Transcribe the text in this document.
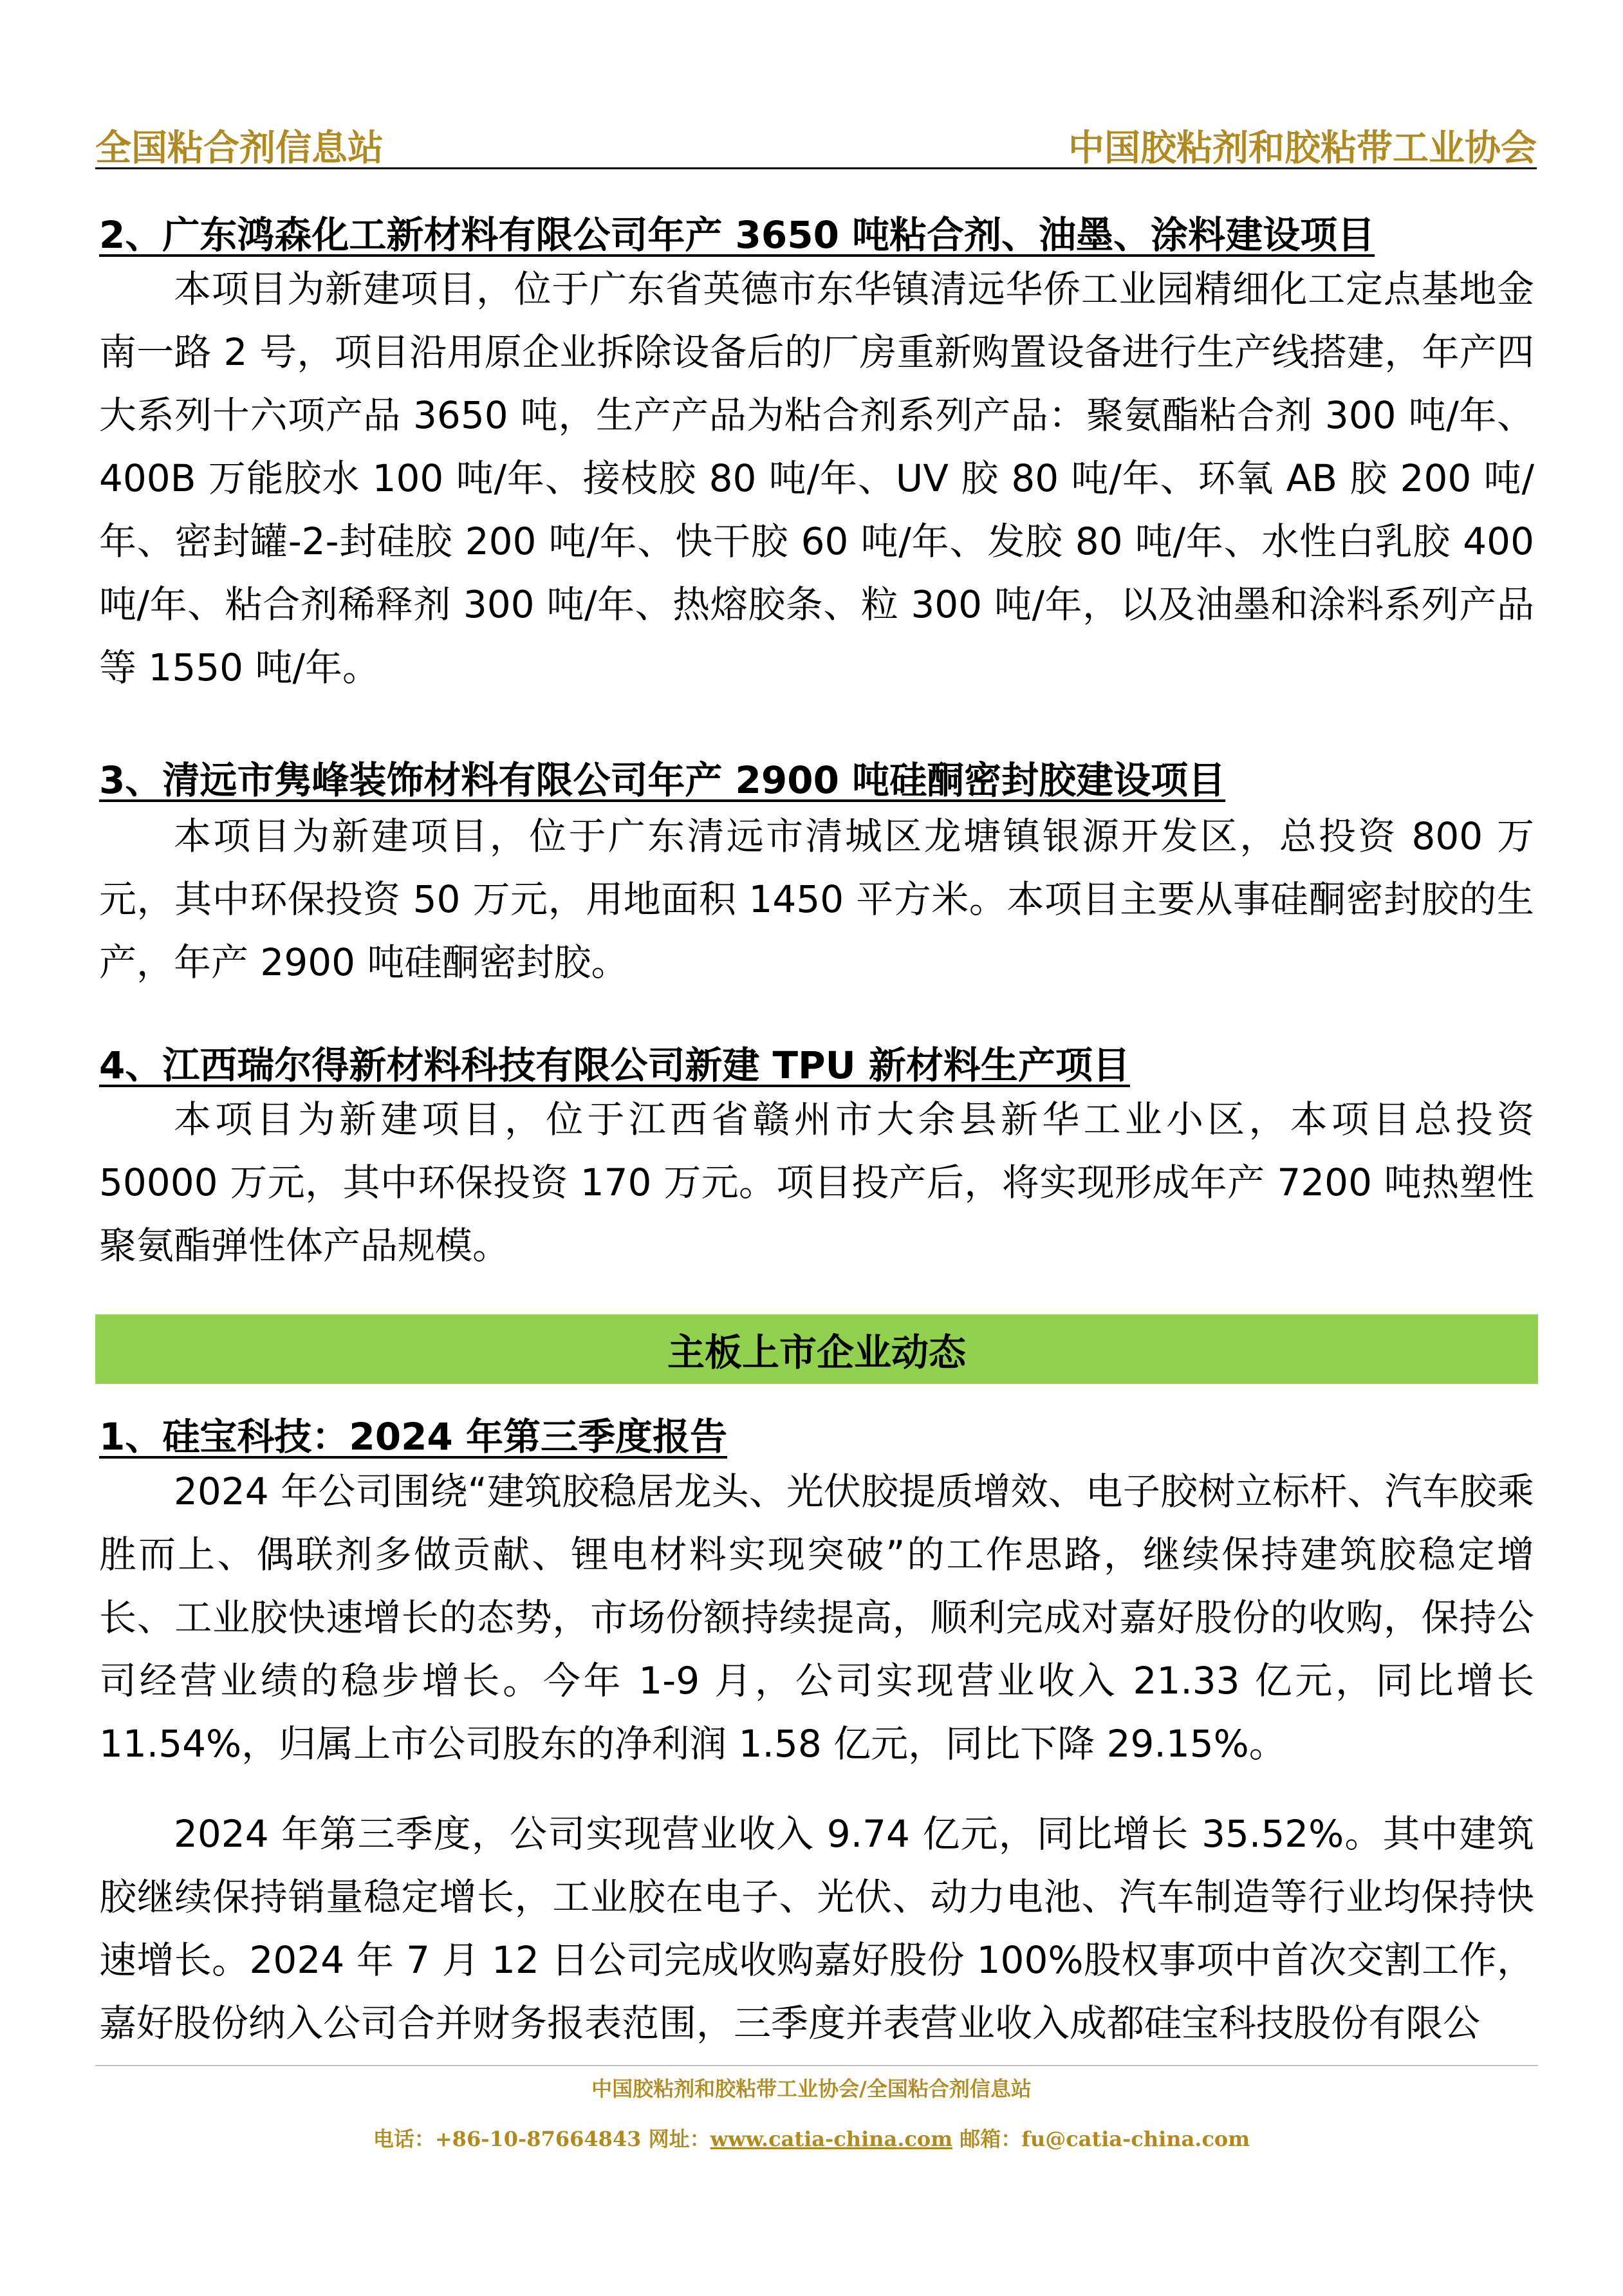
全国粘合剂信息站	中国胶粘剂和胶粘带工业协会
2、广东鸿森化工新材料有限公司年产 3650 吨粘合剂、油墨、涂料建设项目
本项目为新建项目，位于广东省英德市东华镇清远华侨工业园精细化工定点基地金南一路 2 号，项目沿用原企业拆除设备后的厂房重新购置设备进行生产线搭建，年产四大系列十六项产品 3650 吨，生产产品为粘合剂系列产品：聚氨酯粘合剂 300 吨/年、400B 万能胶水 100 吨/年、接枝胶 80 吨/年、UV 胶 80 吨/年、环氧 AB 胶 200 吨/年、密封罐-2-封硅胶 200 吨/年、快干胶 60 吨/年、发胶 80 吨/年、水性白乳胶 400 吨/年、粘合剂稀释剂 300 吨/年、热熔胶条、粒 300 吨/年，以及油墨和涂料系列产品等 1550 吨/年。
3、清远市隽峰装饰材料有限公司年产 2900 吨硅酮密封胶建设项目
本项目为新建项目，位于广东清远市清城区龙塘镇银源开发区，总投资 800 万元，其中环保投资 50 万元，用地面积 1450 平方米。本项目主要从事硅酮密封胶的生产，年产 2900 吨硅酮密封胶。
4、江西瑞尔得新材料科技有限公司新建 TPU 新材料生产项目
本项目为新建项目，位于江西省赣州市大余县新华工业小区，本项目总投资 50000 万元，其中环保投资 170 万元。项目投产后，将实现形成年产 7200 吨热塑性聚氨酯弹性体产品规模。
主板上市企业动态
1、硅宝科技：2024 年第三季度报告
2024 年公司围绕“建筑胶稳居龙头、光伏胶提质增效、电子胶树立标杆、汽车胶乘胜而上、偶联剂多做贡献、锂电材料实现突破”的工作思路，继续保持建筑胶稳定增长、工业胶快速增长的态势，市场份额持续提高，顺利完成对嘉好股份的收购，保持公司经营业绩的稳步增长。今年 1-9 月，公司实现营业收入 21.33 亿元，同比增长 11.54%，归属上市公司股东的净利润 1.58 亿元，同比下降 29.15%。
2024 年第三季度，公司实现营业收入 9.74 亿元，同比增长 35.52%。其中建筑胶继续保持销量稳定增长，工业胶在电子、光伏、动力电池、汽车制造等行业均保持快速增长。2024 年 7 月 12 日公司完成收购嘉好股份 100%股权事项中首次交割工作，嘉好股份纳入公司合并财务报表范围，三季度并表营业收入成都硅宝科技股份有限公
中国胶粘剂和胶粘带工业协会/全国粘合剂信息站
电话：+86-10-87664843 网址：www.catia-china.com 邮箱：fu@catia-china.com
